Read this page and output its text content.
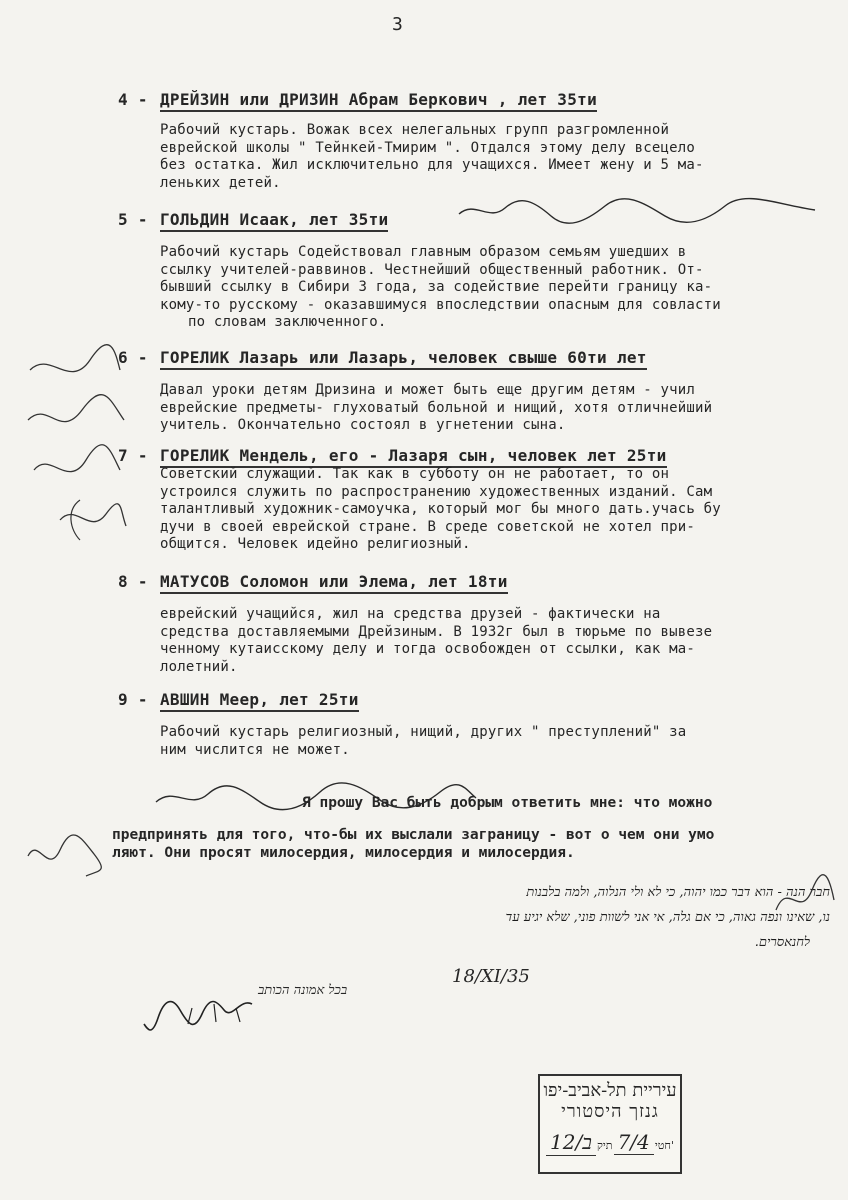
3
4 - ДРЕЙЗИН или ДРИЗИН Абрам Беркович , лет 35ти

Рабочий кустарь. Вожак всех нелегальных групп разгромленной

еврейской школы " Тейнкей-Тмирим ". Отдался этому делу всецело

без остатка. Жил исключительно для учащихся. Имеет жену и 5 ма-

леньких детей.

5 - ГОЛЬДИН Исаак, лет 35ти

Рабочий кустарь Содействовал главным образом семьям ушедших в

ссылку учителей-раввинов. Честнейший общественный работник. От-

бывший ссылку в Сибири 3 года, за содействие перейти границу ка-

кому-то русскому - оказавшимуся впоследствии опасным для совласти

по словам заключенного.

6 - ГОРЕЛИК Лазарь или Лазарь, человек свыше 60ти лет

Давал уроки детям Дризина и может быть еще другим детям - учил

еврейские предметы- глуховатый больной и нищий, хотя отличнейший

учитель. Окончательно состоял в угнетении сына.

7 - ГОРЕЛИК Мендель, его - Лазаря сын, человек лет 25ти

Советский служащий. Так как в субботу он не работает, то он

устроился служить по распространению художественных изданий. Сам

талантливый художник-самоучка, который мог бы много дать.учась бу

дучи в своей еврейской стране. В среде советской не хотел при-

общится. Человек идейно религиозный.

8 - МАТУСОВ Соломон или Элема, лет 18ти

еврейский учащийся, жил на средства друзей - фактически на

средства доставляемыми Дрейзиным. В 1932г был в тюрьме по вывезе

ченному кутаисскому делу и тогда освобожден от ссылки, как ма-

лолетний.

9 - АВШИН Меер, лет 25ти

Рабочий кустарь религиозный, нищий, других " преступлений" за

ним числится не может.

Я прошу Вас быть добрым ответить мне: что можно

предпринять для того, что-бы их выслали заграницу - вот о чем они умо

ляют. Они просят милосердия, милосердия и милосердия.

חבר הנה - הוא דבר כמו יהוה, כי לא ולי הנלוה, ולמה בלבנות

נו, שאינו ונפה גאוה, כי אם גלה, אי אני לשוות פוני, שלא יגיע עד

לחנאסרים.

18/XI/35
בכל אמונה הכותב
עיריית תל-אביב-יפו
גנזך היסטורי
ב/12 תיק 7/4 חטי'
